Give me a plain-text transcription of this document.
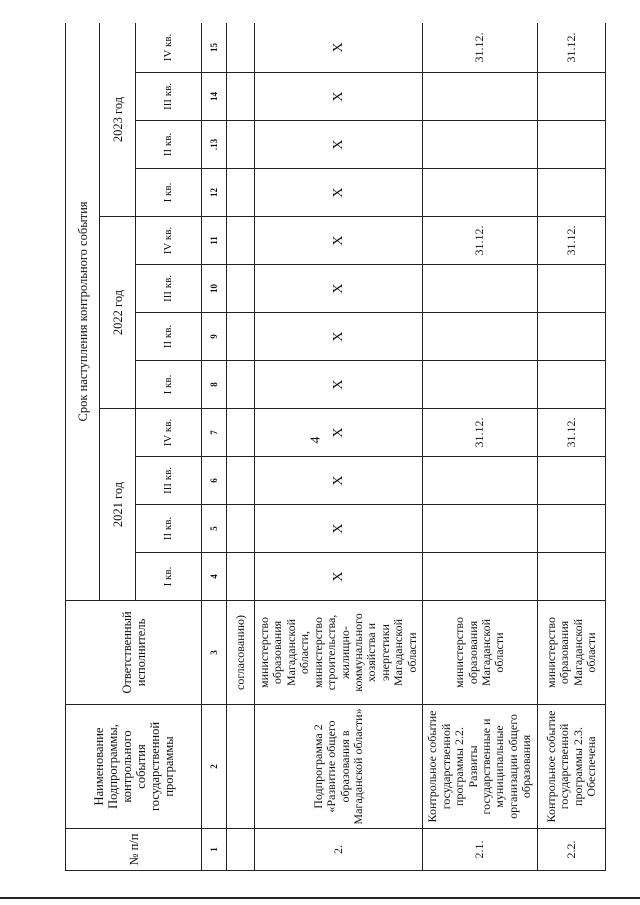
4
№ п/п	Наименование Подпрограммы, контрольного события государственной программы	Ответственный исполнитель	Срок наступления контрольного события											
			2021 год				2022 год				2023 год			
			I кв.	II кв.	III кв.	IV кв.	I кв.	II кв.	III кв.	IV кв.	I кв.	II кв.	III кв.	IV кв.
1	2	3	4	5	6	7	8	9	10	11	12	.13	14	15
		согласованию)												
2.	Подпрограмма 2 «Развитие общего образования в Магаданской области»	министерство образования Магаданской области, министерство строительства, жилищно-коммунального хозяйства и энергетики Магаданской области	X	X	X	X	X	X	X	X	X	X	X	X
2.1.	Контрольное событие государственной программы 2.2. Развиты государственные и муниципальные организации общего образования	министерство образования Магаданской области				31.12.				31.12.				31.12.
2.2.	Контрольное событие государственной программы 2.3. Обеспечена	министерство образования Магаданской области				31.12.				31.12.				31.12.
